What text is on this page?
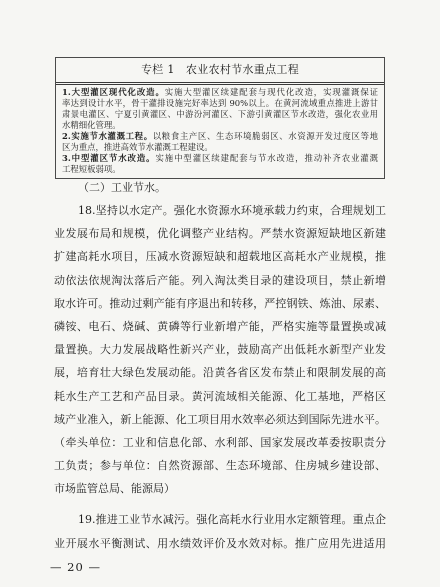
专栏 1　农业农村节水重点工程
1.大型灌区现代化改造。实施大型灌区续建配套与现代化改造，实现灌溉保证
率达到设计水平，骨干灌排设施完好率达到 90%以上。在黄河流域重点推进上游甘
肃景电灌区、宁夏引黄灌区、中游汾河灌区、下游引黄灌区节水改造，强化农业用
水精细化管理。
2.实施节水灌溉工程。以粮食主产区、生态环境脆弱区、水资源开发过度区等地
区为重点，推进高效节水灌溉工程建设。
3.中型灌区节水改造。实施中型灌区续建配套与节水改造，推动补齐农业灌溉
工程短板弱项。
（二）工业节水。
18.坚持以水定产。强化水资源水环境承载力约束，合理规划工
业发展布局和规模，优化调整产业结构。严禁水资源短缺地区新建
扩建高耗水项目，压减水资源短缺和超载地区高耗水产业规模，推
动依法依规淘汰落后产能。列入淘汰类目录的建设项目，禁止新增
取水许可。推动过剩产能有序退出和转移，严控钢铁、炼油、尿素、
磷铵、电石、烧碱、黄磷等行业新增产能，严格实施等量置换或减
量置换。大力发展战略性新兴产业，鼓励高产出低耗水新型产业发
展，培育壮大绿色发展动能。沿黄各省区发布禁止和限制发展的高
耗水生产工艺和产品目录。黄河流域相关能源、化工基地，严格区
域产业准入，新上能源、化工项目用水效率必须达到国际先进水平。
（牵头单位：工业和信息化部、水利部、国家发展改革委按职责分
工负责；参与单位：自然资源部、生态环境部、住房城乡建设部、
市场监管总局、能源局）
19.推进工业节水减污。强化高耗水行业用水定额管理。重点企
业开展水平衡测试、用水绩效评价及水效对标。推广应用先进适用
— 20 —
